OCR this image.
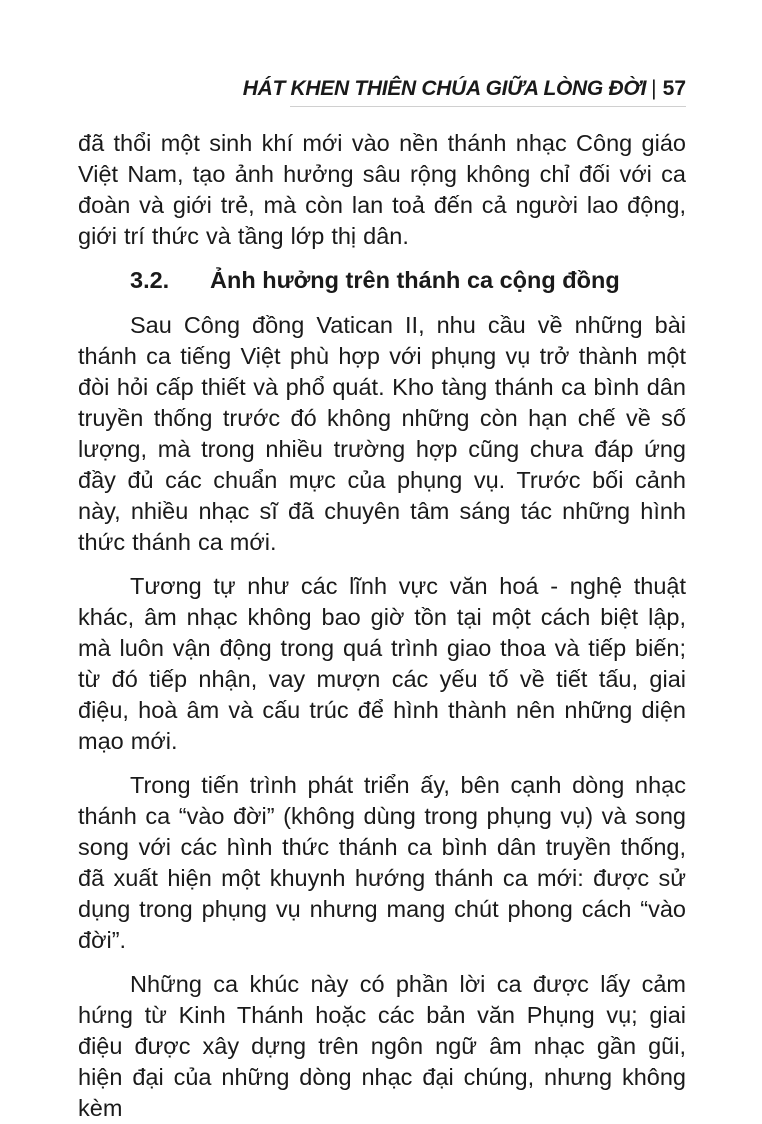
HÁT KHEN THIÊN CHÚA GIỮA LÒNG ĐỜI | 57

đã thổi một sinh khí mới vào nền thánh nhạc Công giáo Việt Nam, tạo ảnh hưởng sâu rộng không chỉ đối với ca đoàn và giới trẻ, mà còn lan toả đến cả người lao động, giới trí thức và tầng lớp thị dân.

3.2. Ảnh hưởng trên thánh ca cộng đồng

Sau Công đồng Vatican II, nhu cầu về những bài thánh ca tiếng Việt phù hợp với phụng vụ trở thành một đòi hỏi cấp thiết và phổ quát. Kho tàng thánh ca bình dân truyền thống trước đó không những còn hạn chế về số lượng, mà trong nhiều trường hợp cũng chưa đáp ứng đầy đủ các chuẩn mực của phụng vụ. Trước bối cảnh này, nhiều nhạc sĩ đã chuyên tâm sáng tác những hình thức thánh ca mới.

Tương tự như các lĩnh vực văn hoá - nghệ thuật khác, âm nhạc không bao giờ tồn tại một cách biệt lập, mà luôn vận động trong quá trình giao thoa và tiếp biến; từ đó tiếp nhận, vay mượn các yếu tố về tiết tấu, giai điệu, hoà âm và cấu trúc để hình thành nên những diện mạo mới.

Trong tiến trình phát triển ấy, bên cạnh dòng nhạc thánh ca “vào đời” (không dùng trong phụng vụ) và song song với các hình thức thánh ca bình dân truyền thống, đã xuất hiện một khuynh hướng thánh ca mới: được sử dụng trong phụng vụ nhưng mang chút phong cách “vào đời”.

Những ca khúc này có phần lời ca được lấy cảm hứng từ Kinh Thánh hoặc các bản văn Phụng vụ; giai điệu được xây dựng trên ngôn ngữ âm nhạc gần gũi, hiện đại của những dòng nhạc đại chúng, nhưng không kèm
